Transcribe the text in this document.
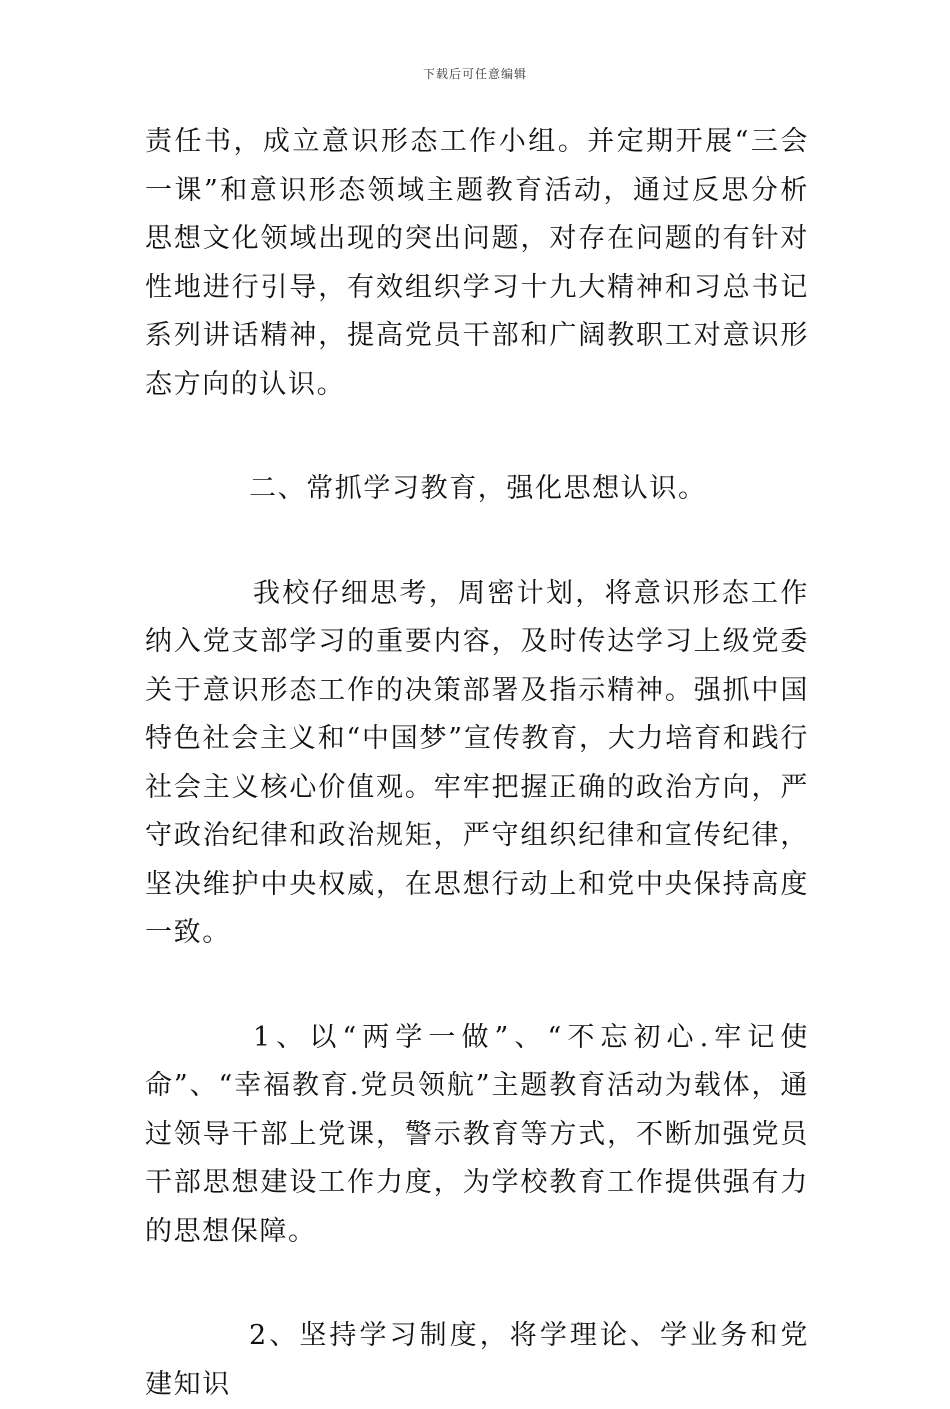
下载后可任意编辑

责任书，成立意识形态工作小组。并定期开展“三会一课”和意识形态领域主题教育活动，通过反思分析思想文化领域出现的突出问题，对存在问题的有针对性地进行引导，有效组织学习十九大精神和习总书记系列讲话精神，提高党员干部和广阔教职工对意识形态方向的认识。

二、常抓学习教育，强化思想认识。

我校仔细思考，周密计划，将意识形态工作纳入党支部学习的重要内容，及时传达学习上级党委关于意识形态工作的决策部署及指示精神。强抓中国特色社会主义和“中国梦”宣传教育，大力培育和践行社会主义核心价值观。牢牢把握正确的政治方向，严守政治纪律和政治规矩，严守组织纪律和宣传纪律，坚决维护中央权威，在思想行动上和党中央保持高度一致。

1、以“两学一做”、“不忘初心.牢记使命”、“幸福教育.党员领航”主题教育活动为载体，通过领导干部上党课，警示教育等方式，不断加强党员干部思想建设工作力度，为学校教育工作提供强有力的思想保障。

2、坚持学习制度，将学理论、学业务和党建知识
